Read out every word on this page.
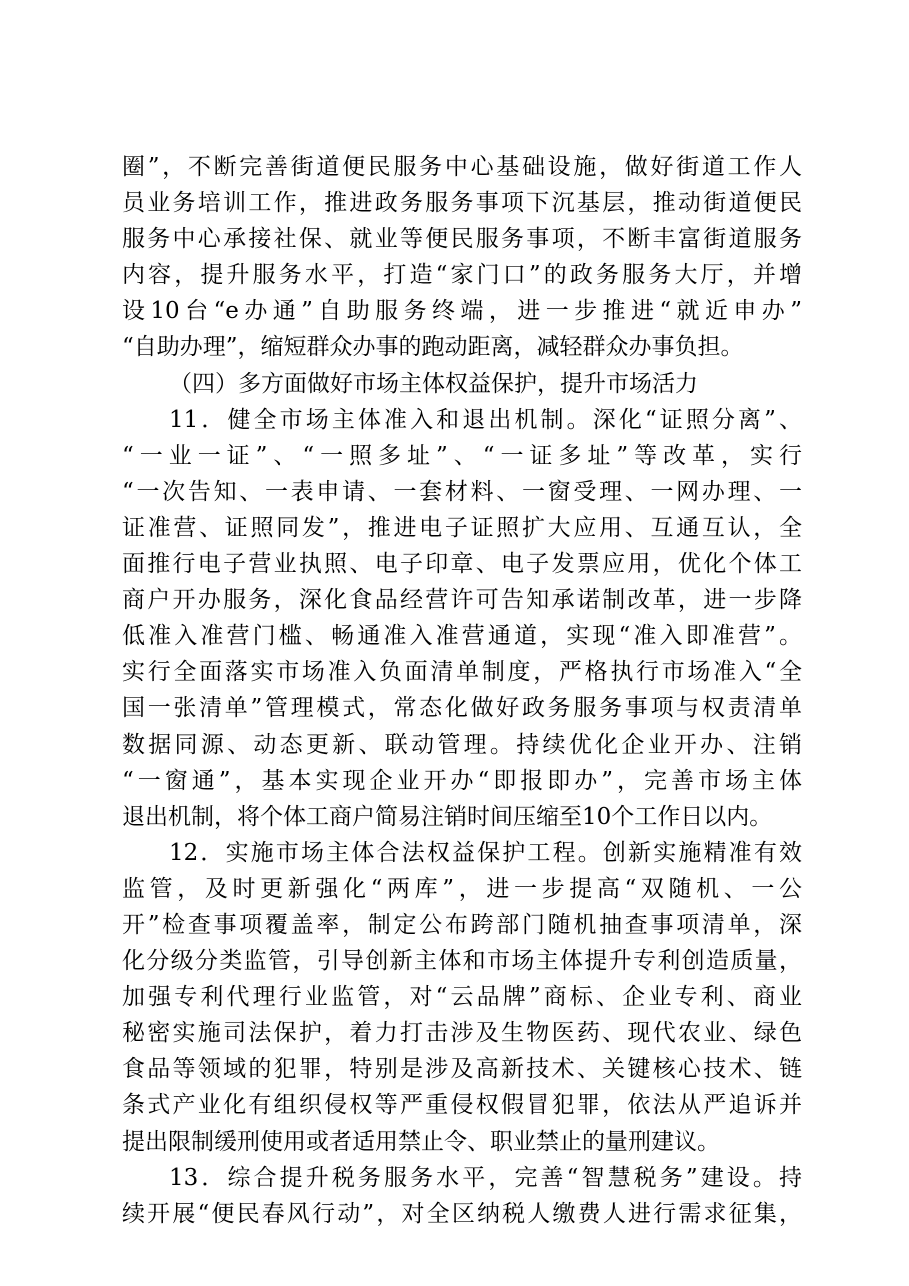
圈”，不断完善街道便民服务中心基础设施，做好街道工作人
员业务培训工作，推进政务服务事项下沉基层，推动街道便民
服务中心承接社保、就业等便民服务事项，不断丰富街道服务
内容，提升服务水平，打造“家门口”的政务服务大厅，并增
设10台“e办通”自助服务终端，进一步推进“就近申办”
“自助办理”，缩短群众办事的跑动距离，减轻群众办事负担。
（四）多方面做好市场主体权益保护，提升市场活力
11．健全市场主体准入和退出机制。深化“证照分离”、
“一业一证”、“一照多址”、“一证多址”等改革，实行
“一次告知、一表申请、一套材料、一窗受理、一网办理、一
证准营、证照同发”，推进电子证照扩大应用、互通互认，全
面推行电子营业执照、电子印章、电子发票应用，优化个体工
商户开办服务，深化食品经营许可告知承诺制改革，进一步降
低准入准营门槛、畅通准入准营通道，实现“准入即准营”。
实行全面落实市场准入负面清单制度，严格执行市场准入“全
国一张清单”管理模式，常态化做好政务服务事项与权责清单
数据同源、动态更新、联动管理。持续优化企业开办、注销
“一窗通”，基本实现企业开办“即报即办”，完善市场主体
退出机制，将个体工商户简易注销时间压缩至10个工作日以内。
12．实施市场主体合法权益保护工程。创新实施精准有效
监管，及时更新强化“两库”，进一步提高“双随机、一公
开”检查事项覆盖率，制定公布跨部门随机抽查事项清单，深
化分级分类监管，引导创新主体和市场主体提升专利创造质量，
加强专利代理行业监管，对“云品牌”商标、企业专利、商业
秘密实施司法保护，着力打击涉及生物医药、现代农业、绿色
食品等领域的犯罪，特别是涉及高新技术、关键核心技术、链
条式产业化有组织侵权等严重侵权假冒犯罪，依法从严追诉并
提出限制缓刑使用或者适用禁止令、职业禁止的量刑建议。
13．综合提升税务服务水平，完善“智慧税务”建设。持
续开展“便民春风行动”，对全区纳税人缴费人进行需求征集，
